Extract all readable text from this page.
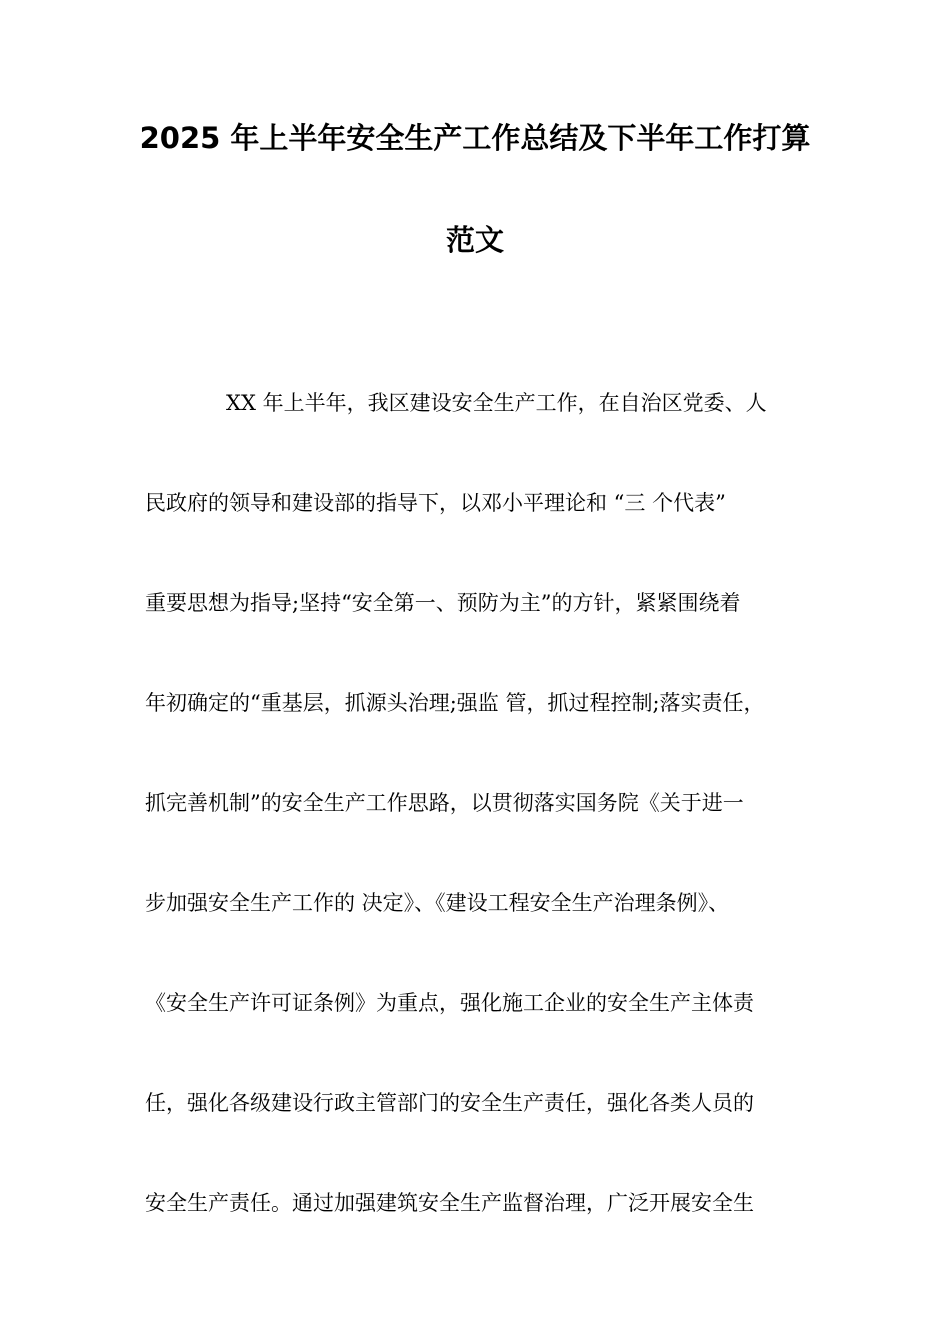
2025 年上半年安全生产工作总结及下半年工作打算
范文
XX 年上半年，我区建设安全生产工作，在自治区党委、人
民政府的领导和建设部的指导下，以邓小平理论和 “三 个代表”
重要思想为指导;坚持“安全第一、预防为主”的方针，紧紧围绕着
年初确定的“重基层，抓源头治理;强监 管，抓过程控制;落实责任，
抓完善机制”的安全生产工作思路，以贯彻落实国务院《关于进一
步加强安全生产工作的 决定》、《建设工程安全生产治理条例》、
《安全生产许可证条例》为重点，强化施工企业的安全生产主体责
任，强化各级建设行政主管部门的安全生产责任，强化各类人员的
安全生产责任。通过加强建筑安全生产监督治理，广泛开展安全生
